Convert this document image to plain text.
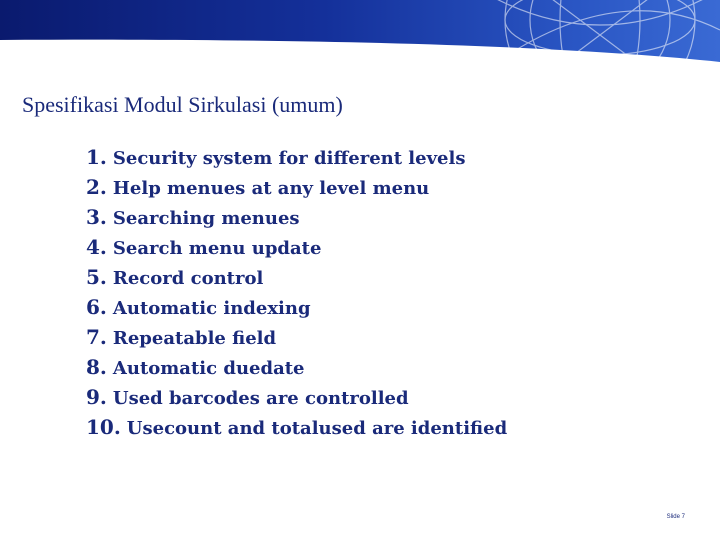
Spesifikasi Modul Sirkulasi (umum)
1. Security system for different levels
2. Help menues at any level menu
3. Searching menues
4. Search menu update
5. Record control
6. Automatic indexing
7. Repeatable field
8. Automatic duedate
9. Used barcodes are controlled
10. Usecount and totalused are identified
Slide 7
